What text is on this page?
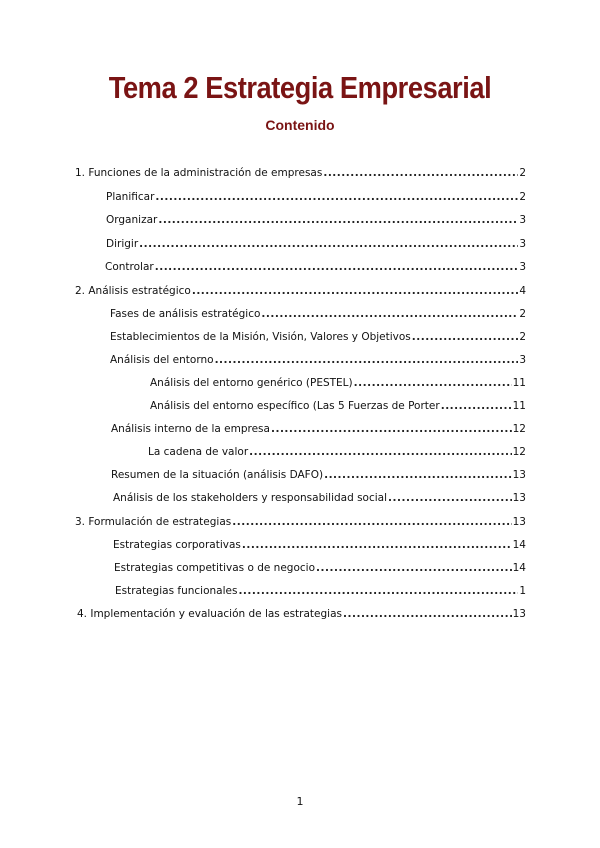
Tema 2 Estrategia Empresarial
Contenido
1. Funciones de la administración de empresas .....	2
Planificar .....	2
Organizar .....	3
Dirigir .....	3
Controlar .....	3
2. Análisis estratégico .....	4
Fases de análisis estratégico .....	2
Establecimientos de la Misión, Visión, Valores y Objetivos .....	2
Análisis del entorno .....	3
Análisis del entorno genérico (PESTEL) .....	11
Análisis del entorno específico (Las 5 Fuerzas de Porter .....	11
Análisis interno de la empresa .....	12
La cadena de valor .....	12
Resumen de la situación (análisis DAFO) .....	13
Análisis de los stakeholders y responsabilidad social .....	13
3. Formulación de estrategias .....	13
Estrategias corporativas .....	14
Estrategias competitivas o de negocio .....	14
Estrategias funcionales .....	1
4. Implementación y evaluación de las estrategias .....	13
1
